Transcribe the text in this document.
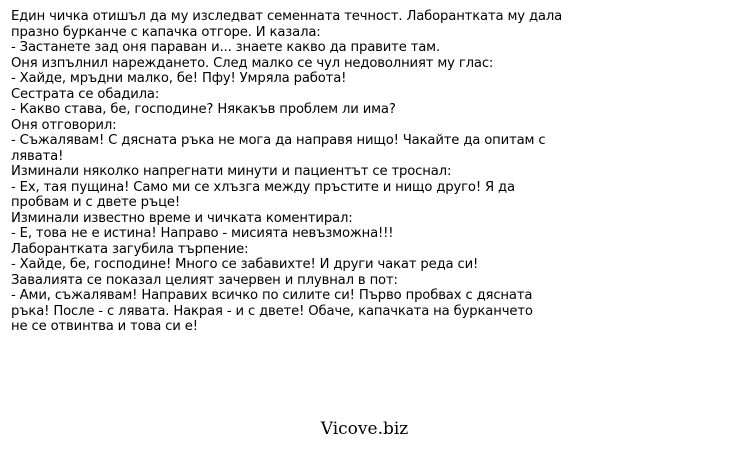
Един чичка отишъл да му изследват семенната течност. Лаборантката му дала
празно бурканче с капачка отгоре. И казала:
- Застанете зад оня параван и... знаете какво да правите там.
Оня изпълнил нареждането. След малко се чул недоволният му глас:
- Хайде, мръдни малко, бе! Пфу! Умряла работа!
Сестрата се обадила:
- Какво става, бе, господине? Някакъв проблем ли има?
Оня отговорил:
- Съжалявам! С дясната ръка не мога да направя нищо! Чакайте да опитам с
лявата!
Изминали няколко напрегнати минути и пациентът се троснал:
- Ех, тая пущина! Само ми се хлъзга между пръстите и нищо друго! Я да
пробвам и с двете ръце!
Изминали известно време и чичката коментирал:
- Е, това не е истина! Направо - мисията невъзможна!!!
Лаборантката загубила търпение:
- Хайде, бе, господине! Много се забавихте! И други чакат реда си!
Завалията се показал целият зачервен и плувнал в пот:
- Ами, съжалявам! Направих всичко по силите си! Първо пробвах с дясната
ръка! После - с лявата. Накрая - и с двете! Обаче, капачката на бурканчето
не се отвинтва и това си е!
Vicove.biz
